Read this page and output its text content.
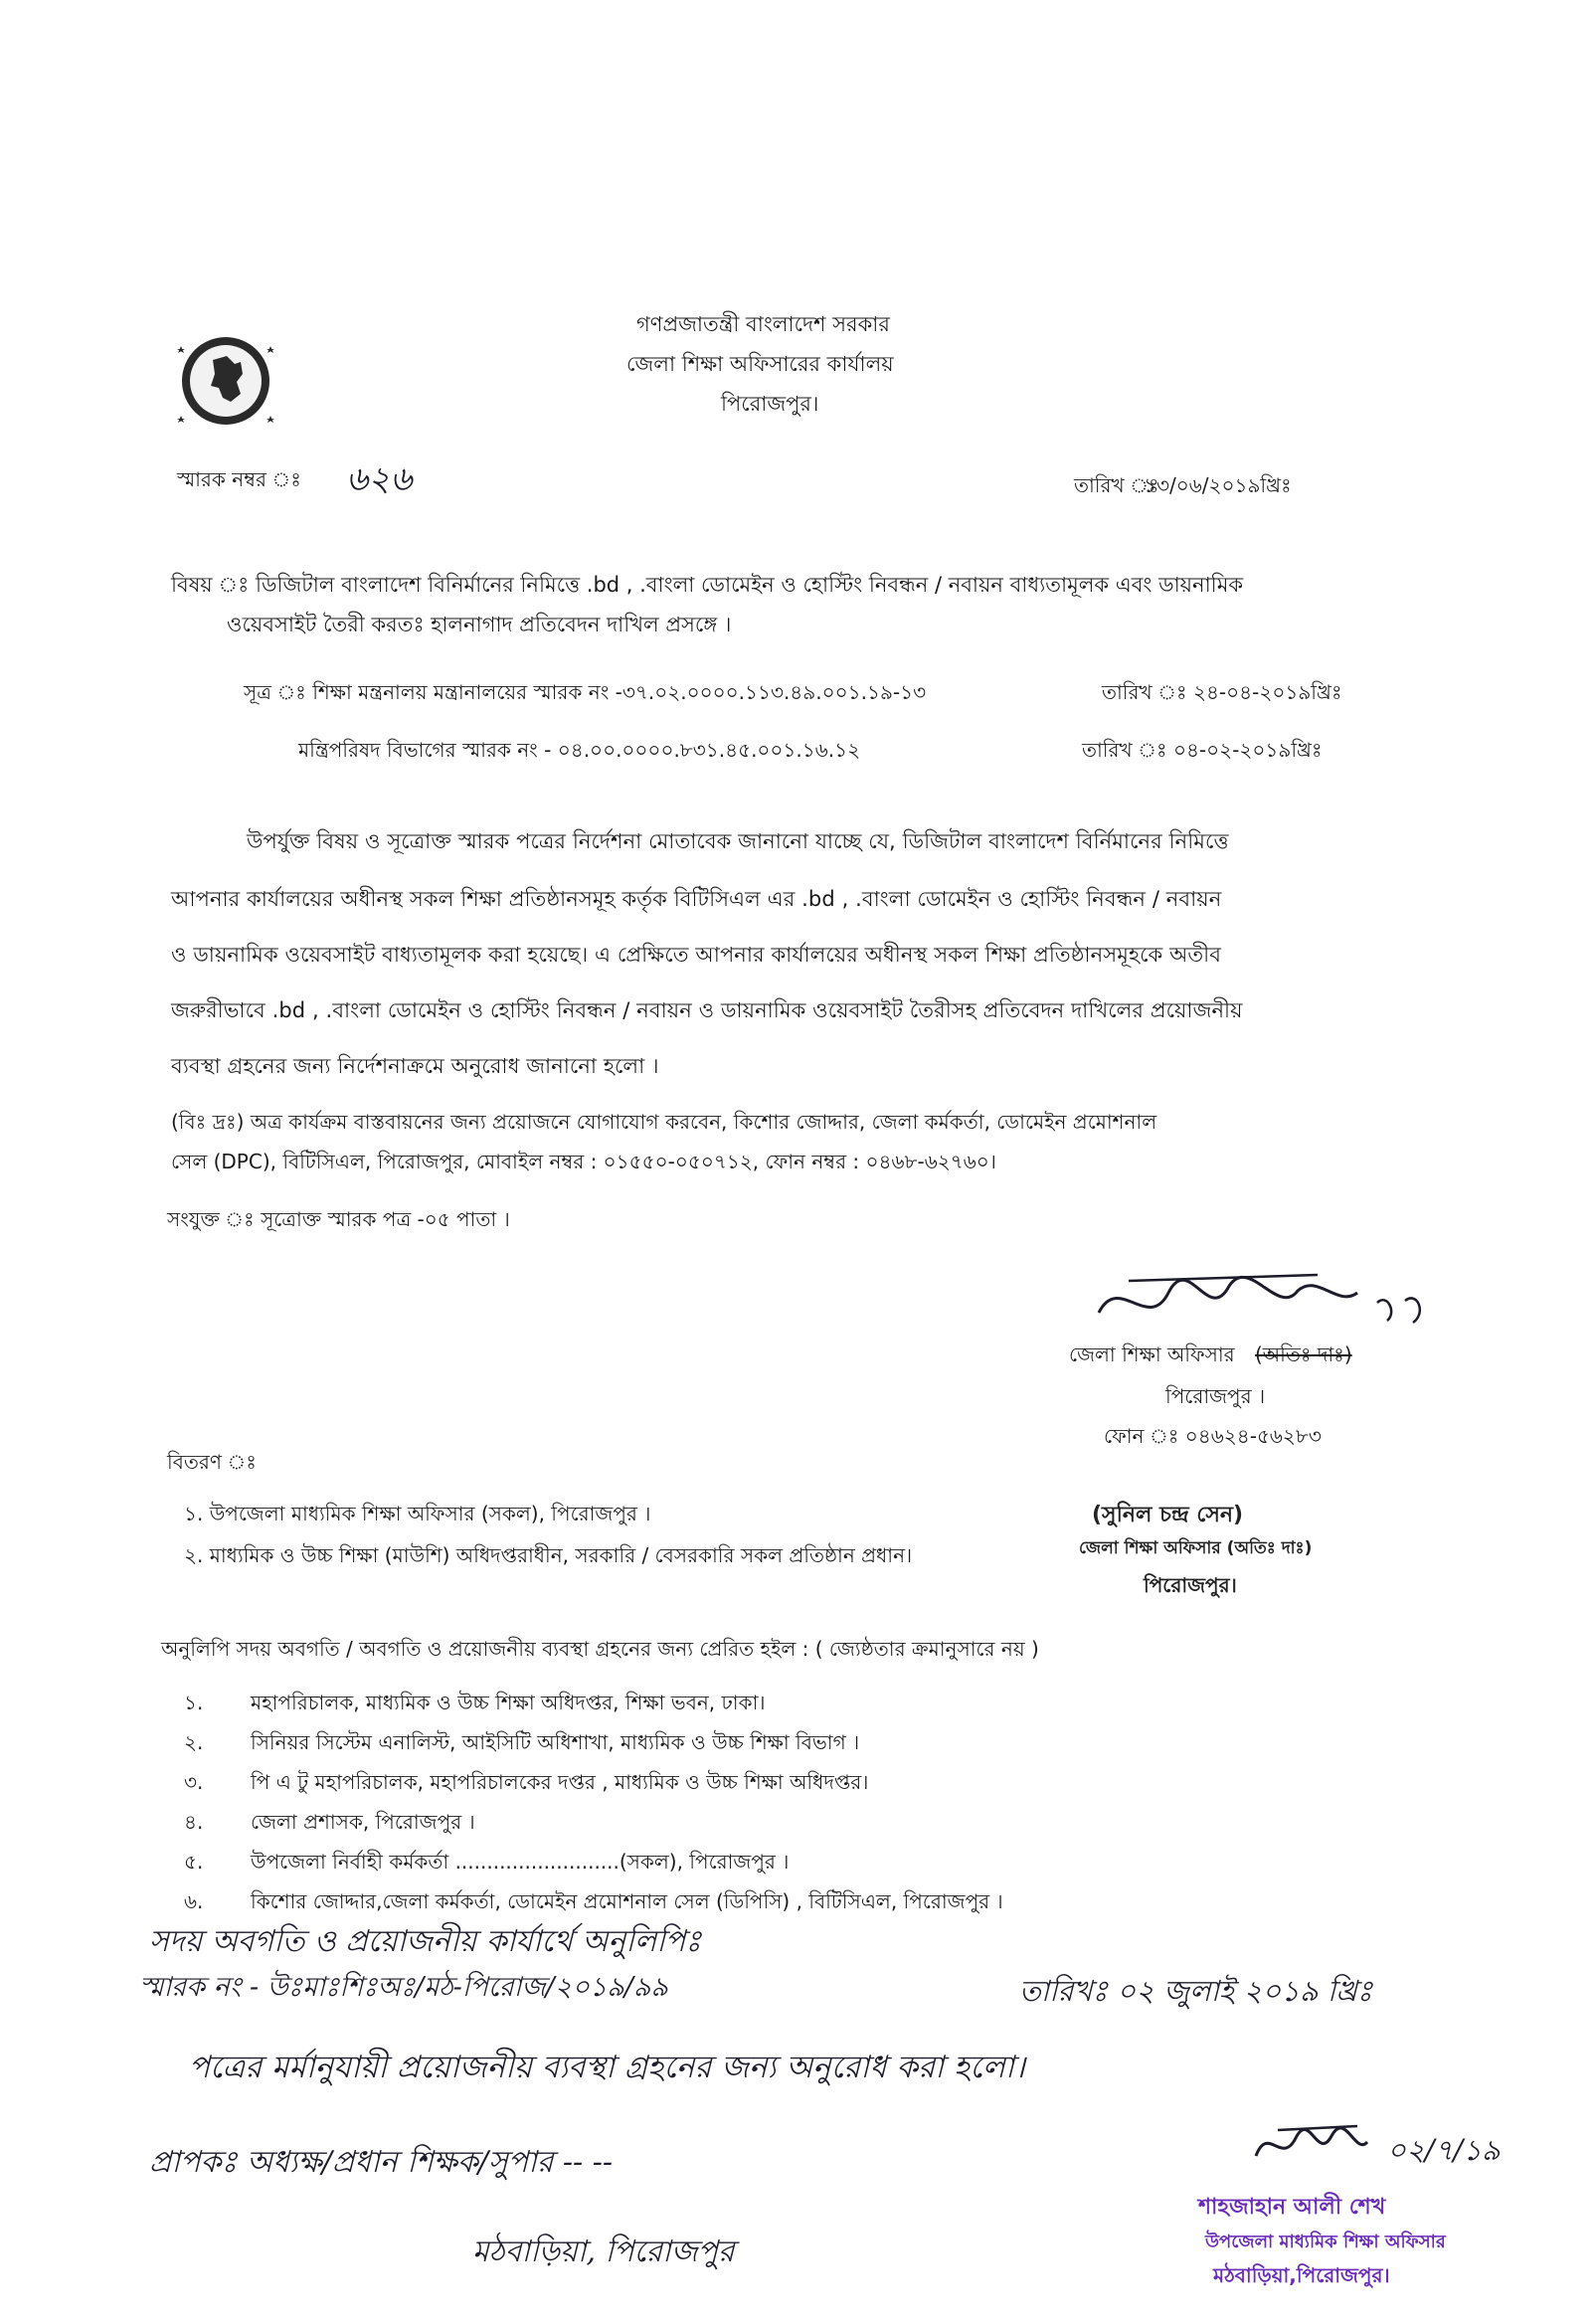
গণপ্রজাতন্ত্রী বাংলাদেশ সরকার
জেলা শিক্ষা অফিসারের কার্যালয়
পিরোজপুর।
স্মারক নম্বর ঃ ৬২৬	তারিখ ঃ
১৩/০৬/২০১৯খ্রিঃ
বিষয় ঃ ডিজিটাল বাংলাদেশ বিনির্মানের নিমিত্তে .bd , .বাংলা ডোমেইন ও হোস্টিং নিবন্ধন / নবায়ন বাধ্যতামূলক এবং ডায়নামিক
ওয়েবসাইট তৈরী করতঃ হালনাগাদ প্রতিবেদন দাখিল প্রসঙ্গে ।
সূত্র ঃ শিক্ষা মন্ত্রনালয় মন্ত্রানালয়ের স্মারক নং -৩৭.০২.০০০০.১১৩.৪৯.০০১.১৯-১৩	তারিখ ঃ ২৪-০৪-২০১৯খ্রিঃ
মন্ত্রিপরিষদ বিভাগের স্মারক নং - ০৪.০০.০০০০.৮৩১.৪৫.০০১.১৬.১২	তারিখ ঃ ০৪-০২-২০১৯খ্রিঃ
উপর্যুক্ত বিষয় ও সূত্রোক্ত স্মারক পত্রের নির্দেশনা মোতাবেক জানানো যাচ্ছে যে, ডিজিটাল বাংলাদেশ বির্নিমানের নিমিত্তে
আপনার কার্যালয়ের অধীনস্থ সকল শিক্ষা প্রতিষ্ঠানসমূহ কর্তৃক বিটিসিএল এর .bd , .বাংলা ডোমেইন ও হোস্টিং নিবন্ধন / নবায়ন
ও ডায়নামিক ওয়েবসাইট বাধ্যতামূলক করা হয়েছে। এ প্রেক্ষিতে আপনার কার্যালয়ের অধীনস্থ সকল শিক্ষা প্রতিষ্ঠানসমূহকে অতীব
জরুরীভাবে .bd , .বাংলা ডোমেইন ও হোস্টিং নিবন্ধন / নবায়ন ও ডায়নামিক ওয়েবসাইট তৈরীসহ প্রতিবেদন দাখিলের প্রয়োজনীয়
ব্যবস্থা গ্রহনের জন্য নির্দেশনাক্রমে অনুরোধ জানানো হলো ।
(বিঃ দ্রঃ) অত্র কার্যক্রম বাস্তবায়নের জন্য প্রয়োজনে যোগাযোগ করবেন, কিশোর জোদ্দার, জেলা কর্মকর্তা, ডোমেইন প্রমোশনাল
সেল (DPC), বিটিসিএল, পিরোজপুর, মোবাইল নম্বর : ০১৫৫০-০৫০৭১২, ফোন নম্বর : ০৪৬৮-৬২৭৬০।
সংযুক্ত ঃ সূত্রোক্ত স্মারক পত্র -০৫ পাতা ।
জেলা শিক্ষা অফিসার (অতিঃ দাঃ)
পিরোজপুর ।
ফোন ঃ ০৪৬২৪-৫৬২৮৩
বিতরণ ঃ
১. উপজেলা মাধ্যমিক শিক্ষা অফিসার (সকল), পিরোজপুর ।
২. মাধ্যমিক ও উচ্চ শিক্ষা (মাউশি) অধিদপ্তরাধীন, সরকারি / বেসরকারি সকল প্রতিষ্ঠান প্রধান।
(সুনিল চন্দ্র সেন)
জেলা শিক্ষা অফিসার (অতিঃ দাঃ)
পিরোজপুর।
অনুলিপি সদয় অবগতি / অবগতি ও প্রয়োজনীয় ব্যবস্থা গ্রহনের জন্য প্রেরিত হইল : ( জ্যেষ্ঠতার ক্রমানুসারে নয় )
১. মহাপরিচালক, মাধ্যমিক ও উচ্চ শিক্ষা অধিদপ্তর, শিক্ষা ভবন, ঢাকা।
২. সিনিয়র সিস্টেম এনালিস্ট, আইসিটি অধিশাখা, মাধ্যমিক ও উচ্চ শিক্ষা বিভাগ ।
৩. পি এ টু মহাপরিচালক, মহাপরিচালকের দপ্তর , মাধ্যমিক ও উচ্চ শিক্ষা অধিদপ্তর।
৪. জেলা প্রশাসক, পিরোজপুর ।
৫. উপজেলা নির্বাহী কর্মকর্তা ..........................(সকল), পিরোজপুর ।
৬. কিশোর জোদ্দার,জেলা কর্মকর্তা, ডোমেইন প্রমোশনাল সেল (ডিপিসি) , বিটিসিএল, পিরোজপুর ।
সদয় অবগতি ও প্রয়োজনীয় কার্যার্থে অনুলিপিঃ
স্মারক নং - উঃমাঃশিঃঅঃ/মঠ-পিরোজ/২০১৯/৯৯	তারিখঃ ০২ জুলাই ২০১৯ খ্রিঃ
পত্রের মর্মানুযায়ী প্রয়োজনীয় ব্যবস্থা গ্রহনের জন্য অনুরোধ করা হলো।
প্রাপকঃ অধ্যক্ষ/প্রধান শিক্ষক/সুপার -- --
মঠবাড়িয়া, পিরোজপুর
০২/৭/১৯
শাহজাহান আলী শেখ
উপজেলা মাধ্যমিক শিক্ষা অফিসার
মঠবাড়িয়া,পিরোজপুর।
